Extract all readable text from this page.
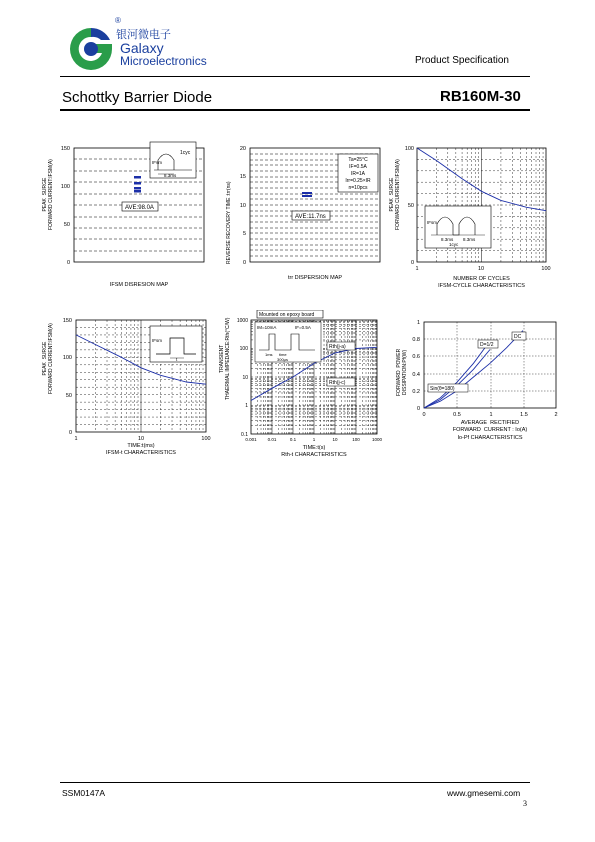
银河微电子
®
Galaxy
Microelectronics	Product Specification
Schottky Barrier Diode	RB160M-30
PEAK  SURGE
FORWARD CURRENT:IFSM(A)
150
100
50
0
AVE:98.0A
1cyc
IFsm
8.3ms
IFSM DISRESION MAP
REVERSE RECOVERY TIME :trr(ns)
20
15
10
5
0
AVE:11.7ns
Ta=25°C
IF=0.5A
IR=1A
Irr=0.25×IR
n=10pcs
trr DISPERSION MAP
PEAK  SURGE
FORWARD CURRENT:IFSM(A)
100
50
0
1	10	100
IFsm
8.3ms 8.3ms
1cyc
NUMBER OF CYCLES
IFSM-CYCLE CHARACTERISTICS
PEAK  SURGE
FORWARD CURRENT:IFSM(A)
150
100
50
0
1	10	100
IFsm
t
TIME:t(ms)
IFSM-t CHARACTERISTICS
TRANSIENT
THAERMAL IMPEDANCE:Rth(°C/W) 1000
100
10
1
0.1
0.001 0.01	0.1	1	10	100	1000
Mounted on epoxy board
IM=10mA	IF=0.5A
1ms time
300μs
Rth(j-a)
Rth(j-c)
TIME:t(s)
Rth-t CHARACTERISTICS
FORWARD  POWER
DISSIPATION:Pf(W)
1
0.8
0.6
0.4
0.2
0
0	0.5	1	1.5	2
DC
D=1/2
Sin(θ=180)
AVERAGE  RECTIFIED
FORWARD  CURRENT : Io(A)
Io-Pf CHARACTERISTICS
SSM0147A	www.gmesemi.com
3
